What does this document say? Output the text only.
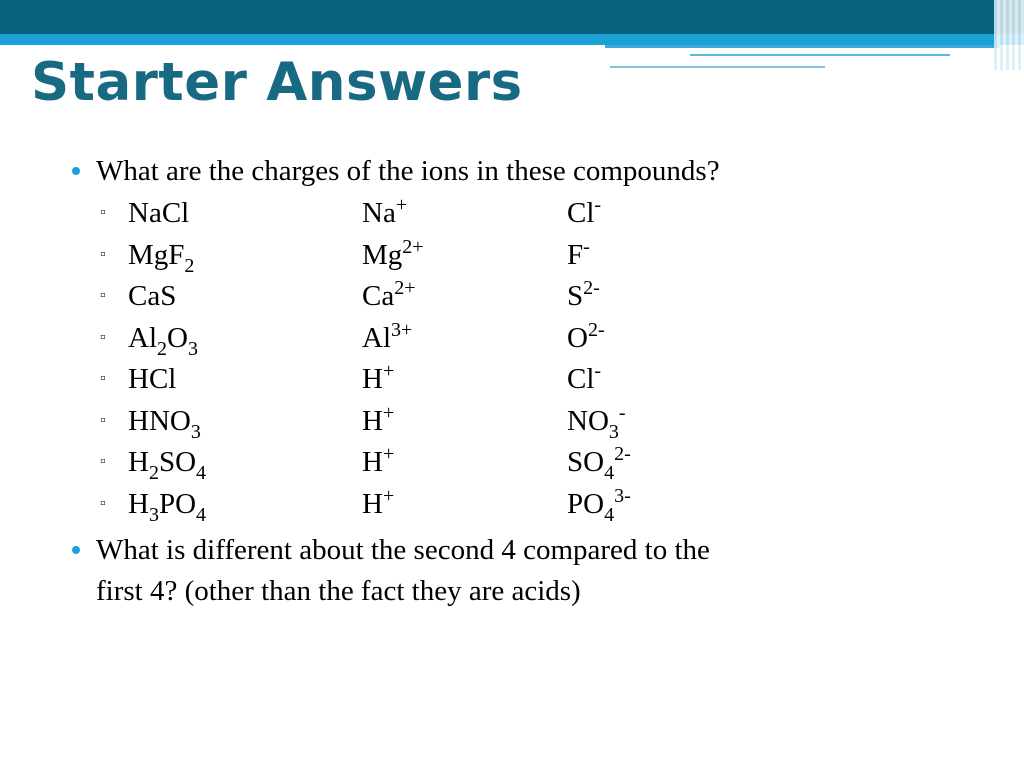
Starter Answers
What are the charges of the ions in these compounds?
▫ NaCl	Na+	Cl-
▫ MgF$_2$	$Mg^{2+}$	F-
▫ CaS	$Ca^{2+}$	$S^{2-}$
▫ $Al_2O_3$	$Al^{3+}$	$O^{2-}$
▫ HCl	H+	Cl-
▫ $HNO_3$	H+	$NO_3^-$
▫ $H_2SO_4$	H+	$SO_4^{2-}$
▫ $H_3PO_4$	H+	$PO_4^{3-}$
What is different about the second 4 compared to the
first 4? (other than the fact they are acids)
